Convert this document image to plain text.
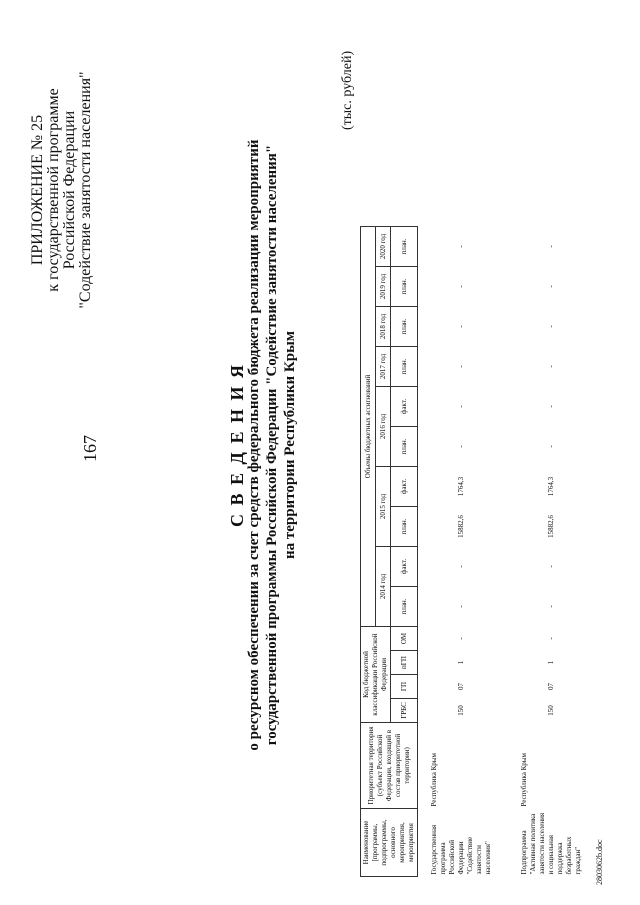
167
ПРИЛОЖЕНИЕ № 25 к государственной программе Российской Федерации "Содействие занятости населения"
С В Е Д Е Н И Я о ресурсном обеспечении за счет средств федерального бюджета реализации мероприятий государственной программы Российской Федерации "Содействие занятости населения" на территории Республики Крым
(тыс. рублей)
Наименование [программы, подпрограммы, основного мероприятия, мероприятия	Приоритетная территория (субъект Российской Федерации, входящий в состав приоритетной территории)	Код бюджетной классификации Российской Федерации				Объемы бюджетных ассигнований									
						2014 год		2015 год		2016 год		2017 год	2018 год	2019 год	2020 год
		ГРБС	ГП	пГП	ОМ	план.	факт.	план.	факт.	план.	факт.	план.	план.	план.	план.

Государственная программа Российской Федерации "Содействие занятости населения"	Республика Крым	150	07	1	-	-	-	15882,6	1764,3	-	-	-	-	-	-
Подпрограмма "Активная политика занятости населения и социальная поддержка безработных граждан"	Республика Крым	150	07	1	-	-	-	15882,6	1764,3	-	-	-	-	-	-
2803062b.doc
